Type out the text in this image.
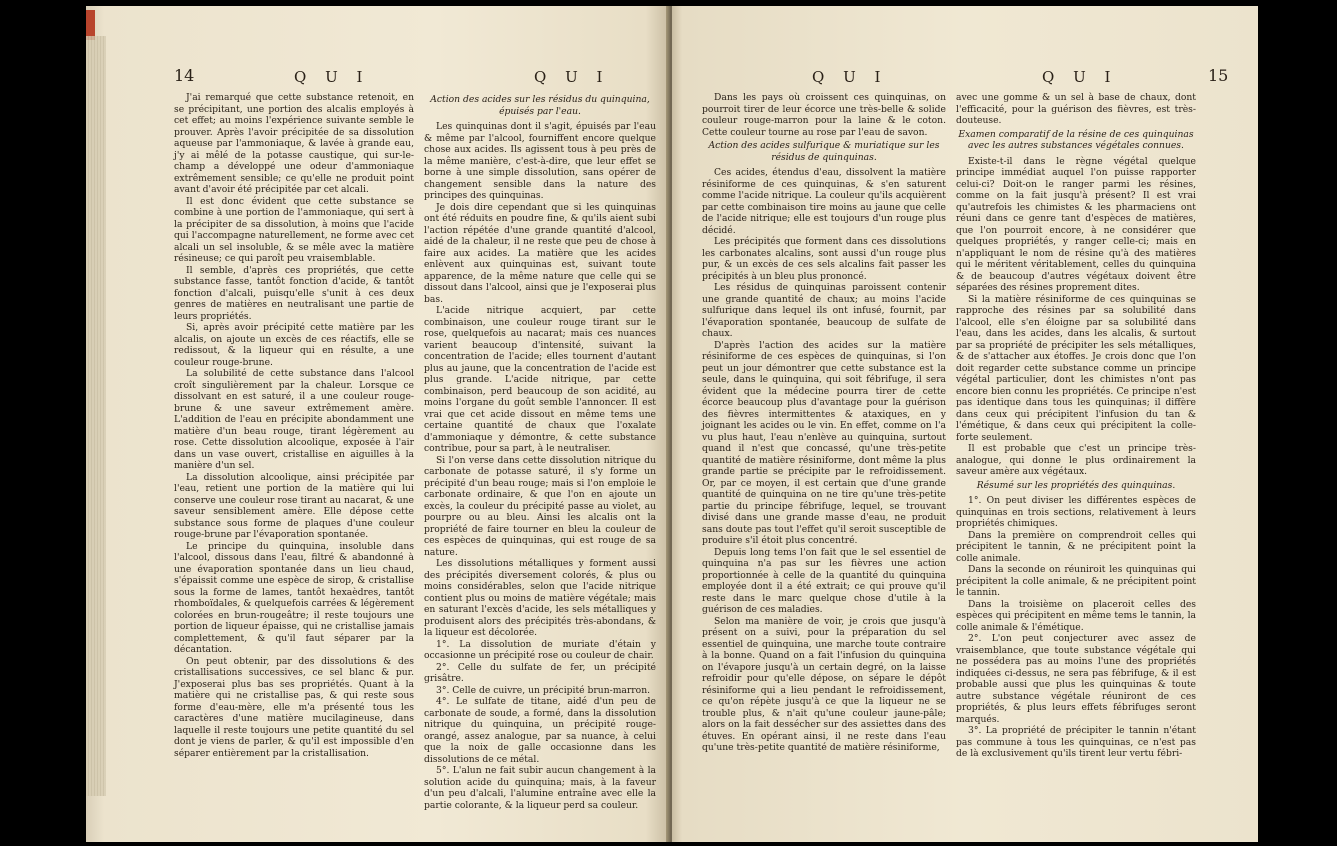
14	Q U I	Q U I

J'ai remarqué que cette substance retenoit, en se précipitant, une portion des alcalis employés à cet effet; au moins l'expérience suivante semble le prouver. Après l'avoir précipitée de sa dissolution aqueuse par l'ammoniaque, & lavée à grande eau, j'y ai mêlé de la potasse caustique, qui sur-le-champ a développé une odeur d'ammoniaque extrêmement sensible; ce qu'elle ne produit point avant d'avoir été précipitée par cet alcali.

Il est donc évident que cette substance se combine à une portion de l'ammoniaque, qui sert à la précipiter de sa dissolution, à moins que l'acide qui l'accompagne naturellement, ne forme avec cet alcali un sel insoluble, & se mêle avec la matière résineuse; ce qui paroît peu vraisemblable.

Il semble, d'après ces propriétés, que cette substance fasse, tantôt fonction d'acide, & tantôt fonction d'alcali, puisqu'elle s'unit à ces deux genres de matières en neutralisant une partie de leurs propriétés.

Si, après avoir précipité cette matière par les alcalis, on ajoute un excès de ces réactifs, elle se redissout, & la liqueur qui en résulte, a une couleur rouge-brune.

La solubilité de cette substance dans l'alcool croît singulièrement par la chaleur. Lorsque ce dissolvant en est saturé, il a une couleur rouge-brune & une saveur extrêmement amère. L'addition de l'eau en précipite abondamment une matière d'un beau rouge, tirant légèrement au rose. Cette dissolution alcoolique, exposée à l'air dans un vase ouvert, cristallise en aiguilles à la manière d'un sel.

La dissolution alcoolique, ainsi précipitée par l'eau, retient une portion de la matière qui lui conserve une couleur rose tirant au nacarat, & une saveur sensiblement amère. Elle dépose cette substance sous forme de plaques d'une couleur rouge-brune par l'évaporation spontanée.

Le principe du quinquina, insoluble dans l'alcool, dissous dans l'eau, filtré & abandonné à une évaporation spontanée dans un lieu chaud, s'épaissit comme une espèce de sirop, & cristallise sous la forme de lames, tantôt hexaèdres, tantôt rhomboïdales, & quelquefois carrées & légèrement colorées en brun-rougeâtre; il reste toujours une portion de liqueur épaisse, qui ne cristallise jamais complettement, & qu'il faut séparer par la décantation.

On peut obtenir, par des dissolutions & des cristallisations successives, ce sel blanc & pur. J'exposerai plus bas ses propriétés. Quant à la matière qui ne cristallise pas, & qui reste sous forme d'eau-mère, elle m'a présenté tous les caractères d'une matière mucilagineuse, dans laquelle il reste toujours une petite quantité du sel dont je viens de parler, & qu'il est impossible d'en séparer entièrement par la cristallisation.

Action des acides sur les résidus du quinquina, épuisés par l'eau.

Les quinquinas dont il s'agit, épuisés par l'eau & même par l'alcool, fourniffent encore quelque chose aux acides. Ils agissent tous à peu près de la même manière, c'est-à-dire, que leur effet se borne à une simple dissolution, sans opérer de changement sensible dans la nature des principes des quinquinas.

Je dois dire cependant que si les quinquinas ont été réduits en poudre fine, & qu'ils aient subi l'action répétée d'une grande quantité d'alcool, aidé de la chaleur, il ne reste que peu de chose à faire aux acides. La matière que les acides enlèvent aux quinquinas est, suivant toute apparence, de la même nature que celle qui se dissout dans l'alcool, ainsi que je l'exposerai plus bas.

L'acide nitrique acquiert, par cette combinaison, une couleur rouge tirant sur le rose, quelquefois au nacarat; mais ces nuances varient beaucoup d'intensité, suivant la concentration de l'acide; elles tournent d'autant plus au jaune, que la concentration de l'acide est plus grande. L'acide nitrique, par cette combinaison, perd beaucoup de son acidité, au moins l'organe du goût semble l'annoncer. Il est vrai que cet acide dissout en même tems une certaine quantité de chaux que l'oxalate d'ammoniaque y démontre, & cette substance contribue, pour sa part, à le neutraliser.

Si l'on verse dans cette dissolution nitrique du carbonate de potasse saturé, il s'y forme un précipité d'un beau rouge; mais si l'on emploie le carbonate ordinaire, & que l'on en ajoute un excès, la couleur du précipité passe au violet, au pourpre ou au bleu. Ainsi les alcalis ont la propriété de faire tourner en bleu la couleur de ces espèces de quinquinas, qui est rouge de sa nature.

Les dissolutions métalliques y forment aussi des précipités diversement colorés, & plus ou moins considérables, selon que l'acide nitrique contient plus ou moins de matière végétale; mais en saturant l'excès d'acide, les sels métalliques y produisent alors des précipités très-abondans, & la liqueur est décolorée.

1°. La dissolution de muriate d'étain y occasionne un précipité rose ou couleur de chair.

2°. Celle du sulfate de fer, un précipité grisâtre.

3°. Celle de cuivre, un précipité brun-marron.

4°. Le sulfate de titane, aidé d'un peu de carbonate de soude, a formé, dans la dissolution nitrique du quinquina, un précipité rouge-orangé, assez analogue, par sa nuance, à celui que la noix de galle occasionne dans les dissolutions de ce métal.

5°. L'alun ne fait subir aucun changement à la solution acide du quinquina; mais, à la faveur d'un peu d'alcali, l'alumine entraîne avec elle la partie colorante, & la liqueur perd sa couleur.

Q U I	Q U I	15

Dans les pays où croissent ces quinquinas, on pourroit tirer de leur écorce une très-belle & solide couleur rouge-marron pour la laine & le coton. Cette couleur tourne au rose par l'eau de savon.

Action des acides sulfurique & muriatique sur les résidus de quinquinas.

Ces acides, étendus d'eau, dissolvent la matière résiniforme de ces quinquinas, & s'en saturent comme l'acide nitrique. La couleur qu'ils acquièrent par cette combinaison tire moins au jaune que celle de l'acide nitrique; elle est toujours d'un rouge plus décidé.

Les précipités que forment dans ces dissolutions les carbonates alcalins, sont aussi d'un rouge plus pur, & un excès de ces sels alcalins fait passer les précipités à un bleu plus prononcé.

Les résidus de quinquinas paroissent contenir une grande quantité de chaux; au moins l'acide sulfurique dans lequel ils ont infusé, fournit, par l'évaporation spontanée, beaucoup de sulfate de chaux.

D'après l'action des acides sur la matière résiniforme de ces espèces de quinquinas, si l'on peut un jour démontrer que cette substance est la seule, dans le quinquina, qui soit fébrifuge, il sera évident que la médecine pourra tirer de cette écorce beaucoup plus d'avantage pour la guérison des fièvres intermittentes & ataxiques, en y joignant les acides ou le vin. En effet, comme on l'a vu plus haut, l'eau n'enlève au quinquina, surtout quand il n'est que concassé, qu'une très-petite quantité de matière résiniforme, dont même la plus grande partie se précipite par le refroidissement. Or, par ce moyen, il est certain que d'une grande quantité de quinquina on ne tire qu'une très-petite partie du principe fébrifuge, lequel, se trouvant divisé dans une grande masse d'eau, ne produit sans doute pas tout l'effet qu'il seroit susceptible de produire s'il étoit plus concentré.

Depuis long tems l'on fait que le sel essentiel de quinquina n'a pas sur les fièvres une action proportionnée à celle de la quantité du quinquina employée dont il a été extrait; ce qui prouve qu'il reste dans le marc quelque chose d'utile à la guérison de ces maladies.

Selon ma manière de voir, je crois que jusqu'à présent on a suivi, pour la préparation du sel essentiel de quinquina, une marche toute contraire à la bonne. Quand on a fait l'infusion du quinquina on l'évapore jusqu'à un certain degré, on la laisse refroidir pour qu'elle dépose, on sépare le dépôt résiniforme qui a lieu pendant le refroidissement, ce qu'on répète jusqu'à ce que la liqueur ne se trouble plus, & n'ait qu'une couleur jaune-pâle; alors on la fait dessécher sur des assiettes dans des étuves. En opérant ainsi, il ne reste dans l'eau qu'une très-petite quantité de matière résiniforme,

avec une gomme & un sel à base de chaux, dont l'efficacité, pour la guérison des fièvres, est très-douteuse.

Examen comparatif de la résine de ces quinquinas avec les autres substances végétales connues.

Existe-t-il dans le règne végétal quelque principe immédiat auquel l'on puisse rapporter celui-ci? Doit-on le ranger parmi les résines, comme on la fait jusqu'à présent? Il est vrai qu'autrefois les chimistes & les pharmaciens ont réuni dans ce genre tant d'espèces de matières, que l'on pourroit encore, à ne considérer que quelques propriétés, y ranger celle-ci; mais en n'appliquant le nom de résine qu'à des matières qui le méritent véritablement, celles du quinquina & de beaucoup d'autres végétaux doivent être séparées des résines proprement dites.

Si la matière résiniforme de ces quinquinas se rapproche des résines par sa solubilité dans l'alcool, elle s'en éloigne par sa solubilité dans l'eau, dans les acides, dans les alcalis, & surtout par sa propriété de précipiter les sels métalliques, & de s'attacher aux étoffes. Je crois donc que l'on doit regarder cette substance comme un principe végétal particulier, dont les chimistes n'ont pas encore bien connu les propriétés. Ce principe n'est pas identique dans tous les quinquinas; il diffère dans ceux qui précipitent l'infusion du tan & l'émétique, & dans ceux qui précipitent la colle-forte seulement.

Il est probable que c'est un principe très-analogue, qui donne le plus ordinairement la saveur amère aux végétaux.

Résumé sur les propriétés des quinquinas.

1°. On peut diviser les différentes espèces de quinquinas en trois sections, relativement à leurs propriétés chimiques.

Dans la première on comprendroit celles qui précipitent le tannin, & ne précipitent point la colle animale.

Dans la seconde on réuniroit les quinquinas qui précipitent la colle animale, & ne précipitent point le tannin.

Dans la troisième on placeroit celles des espèces qui précipitent en même tems le tannin, la colle animale & l'émétique.

2°. L'on peut conjecturer avec assez de vraisemblance, que toute substance végétale qui ne possédera pas au moins l'une des propriétés indiquées ci-dessus, ne sera pas fébrifuge, & il est probable aussi que plus les quinquinas & toute autre substance végétale réuniront de ces propriétés, & plus leurs effets fébrifuges seront marqués.

3°. La propriété de précipiter le tannin n'étant pas commune à tous les quinquinas, ce n'est pas de là exclusivement qu'ils tirent leur vertu fébri-
